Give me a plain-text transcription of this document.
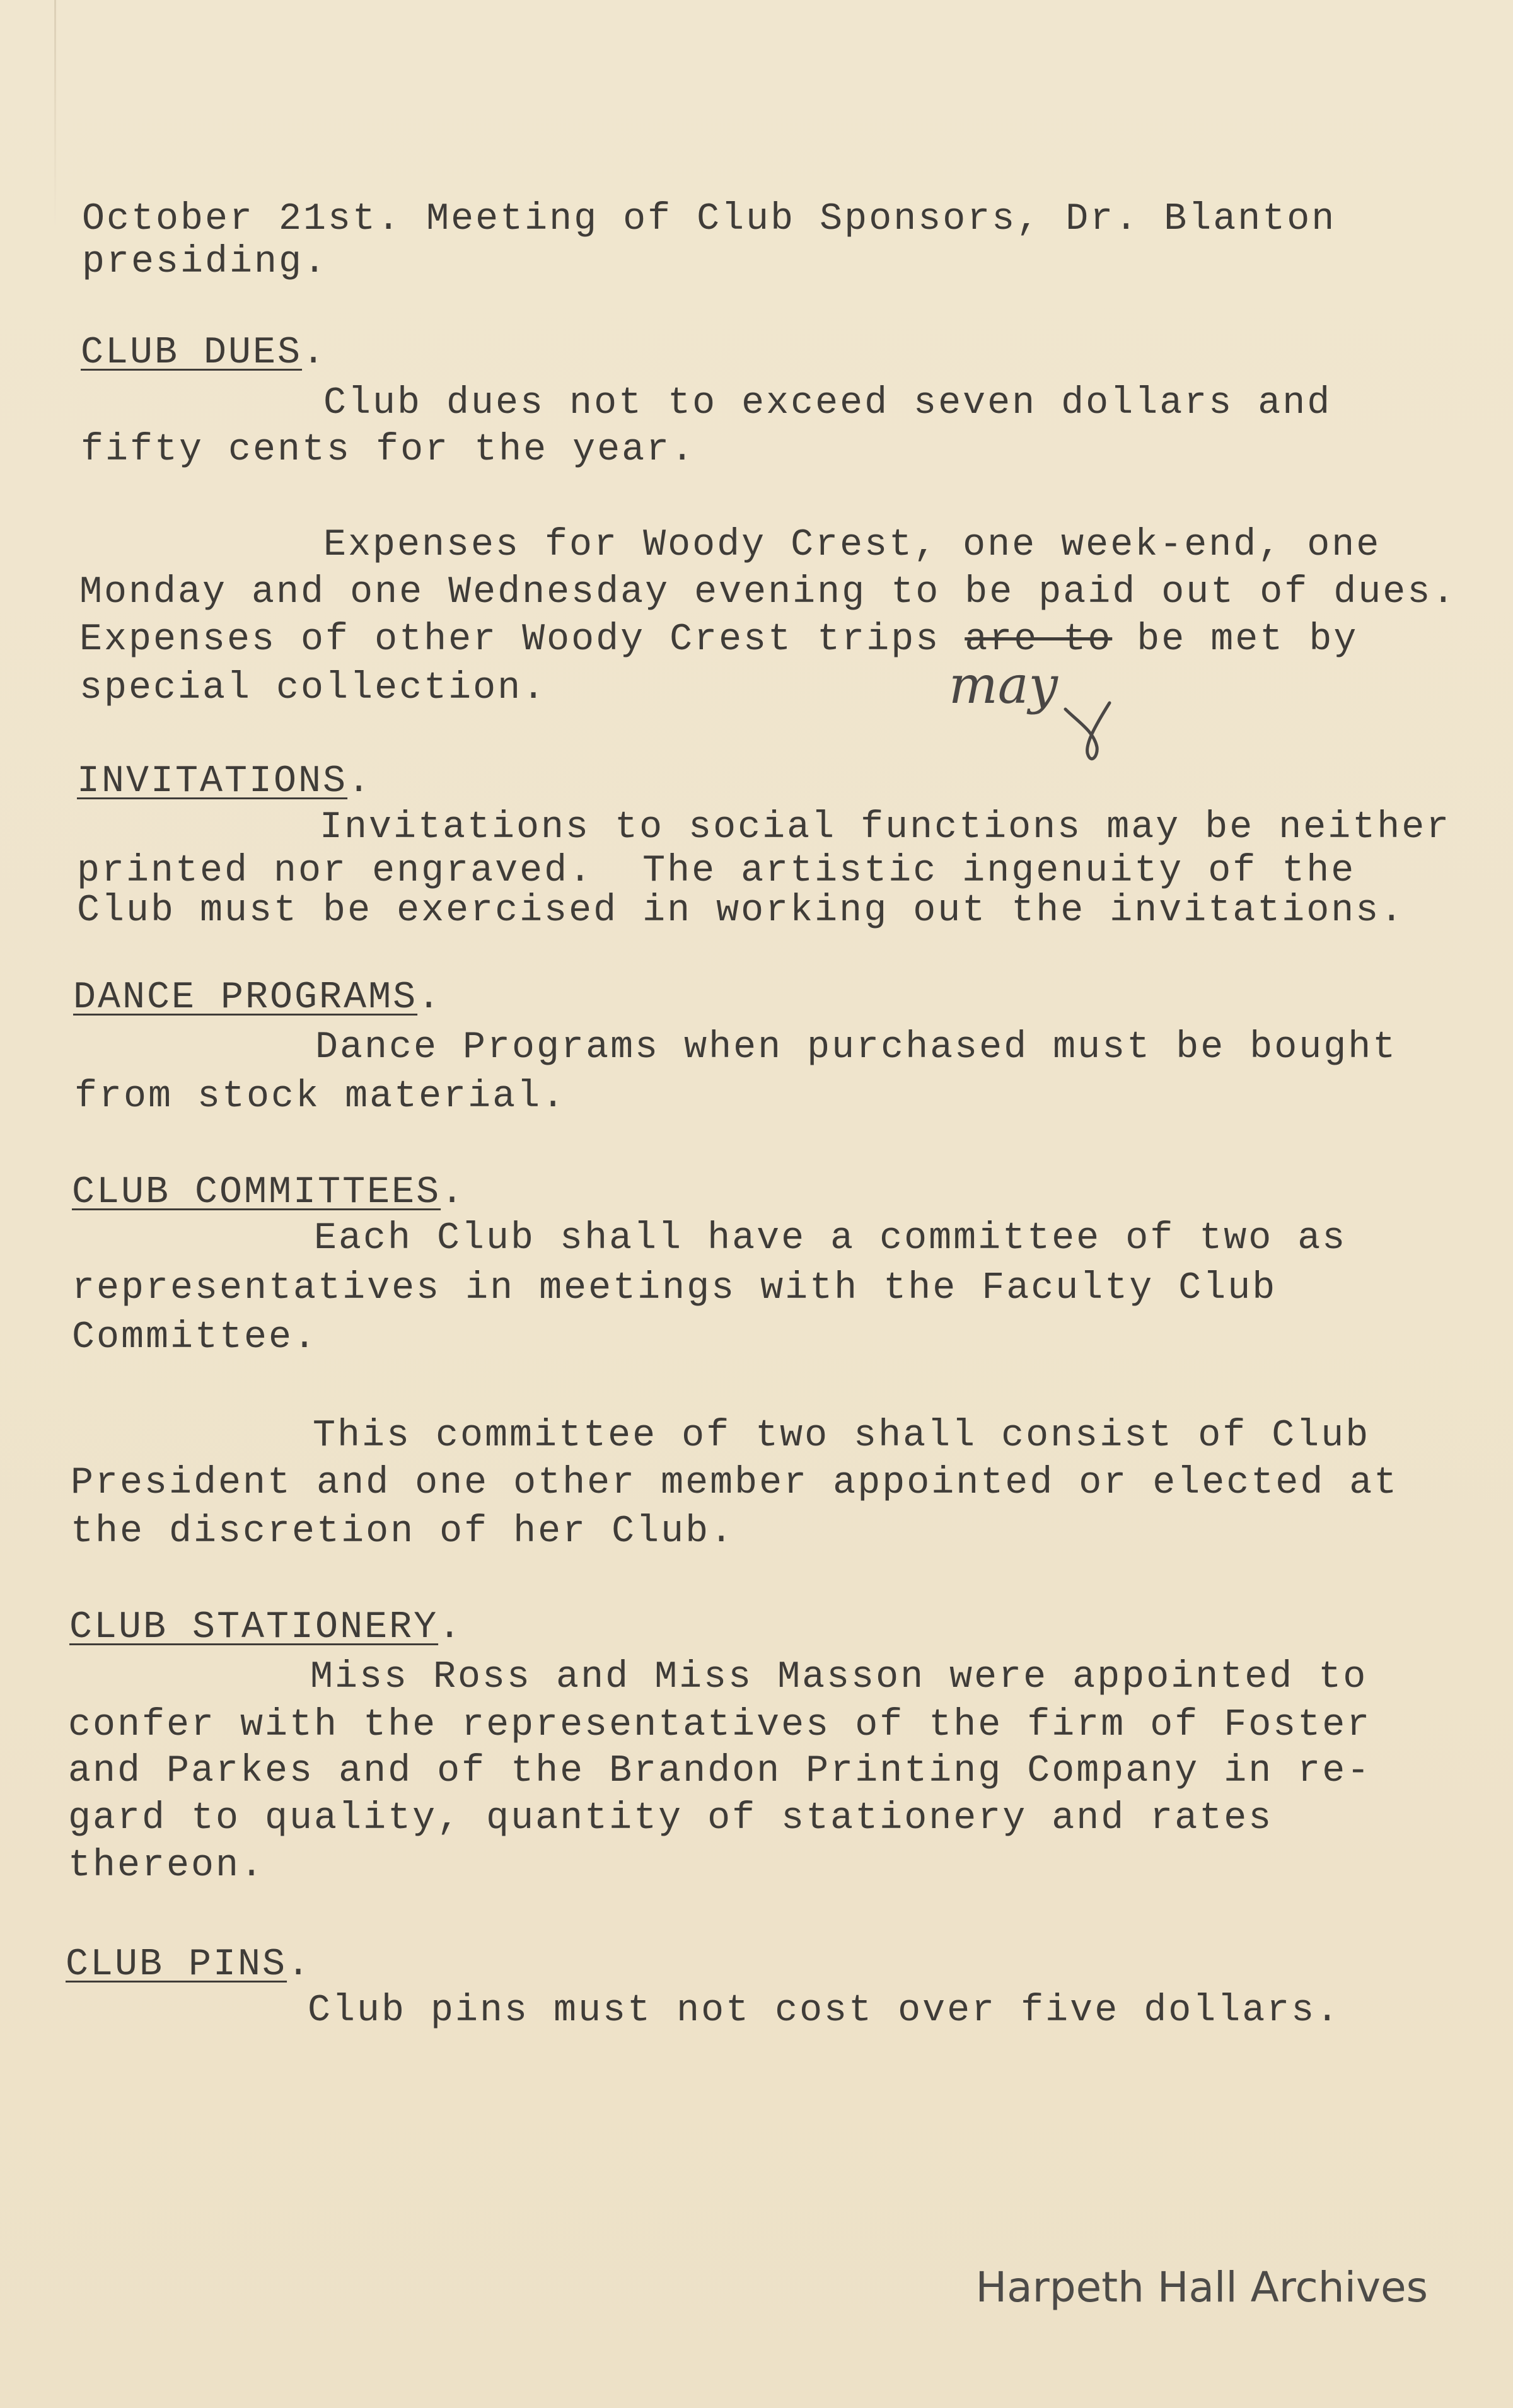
October 21st. Meeting of Club Sponsors, Dr. Blanton
presiding.
CLUB DUES.
Club dues not to exceed seven dollars and
fifty cents for the year.
Expenses for Woody Crest, one week-end, one
Monday and one Wednesday evening to be paid out of dues.
Expenses of other Woody Crest trips are to be met by
special collection.	may
INVITATIONS.
Invitations to social functions may be neither
printed nor engraved.  The artistic ingenuity of the
Club must be exercised in working out the invitations.
DANCE PROGRAMS.
Dance Programs when purchased must be bought
from stock material.
CLUB COMMITTEES.
Each Club shall have a committee of two as
representatives in meetings with the Faculty Club
Committee.
This committee of two shall consist of Club
President and one other member appointed or elected at
the discretion of her Club.
CLUB STATIONERY.
Miss Ross and Miss Masson were appointed to
confer with the representatives of the firm of Foster
and Parkes and of the Brandon Printing Company in re-
gard to quality, quantity of stationery and rates
thereon.
CLUB PINS.
Club pins must not cost over five dollars.
Harpeth Hall Archives
